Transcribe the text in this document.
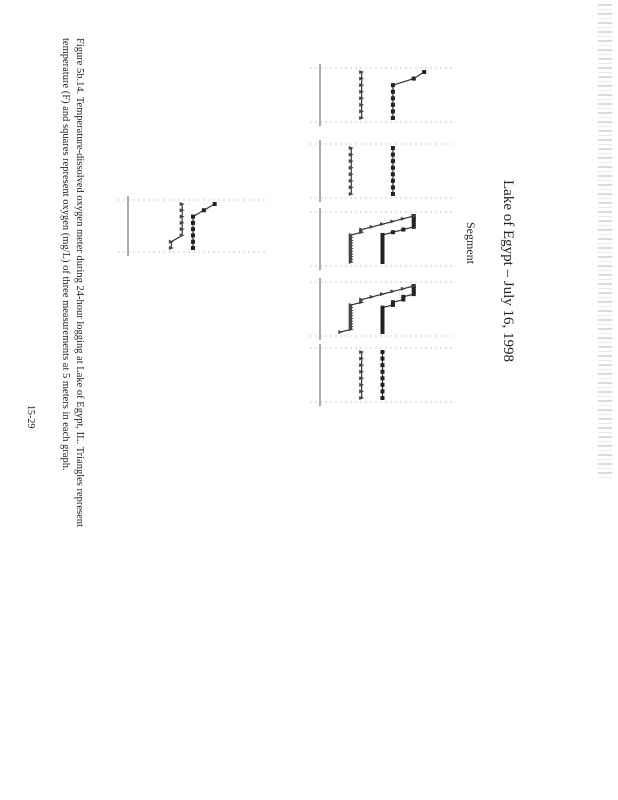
Lake of Egypt – July 16, 1998
Segment
Figure 5b.14. Temperature-dissolved oxygen meter during 24-hour logging at Lake of Egypt, IL. Triangles represent
temperature (F) and squares represent oxygen (mg/L) of three measurements at 5 meters in each graph.
15-29
